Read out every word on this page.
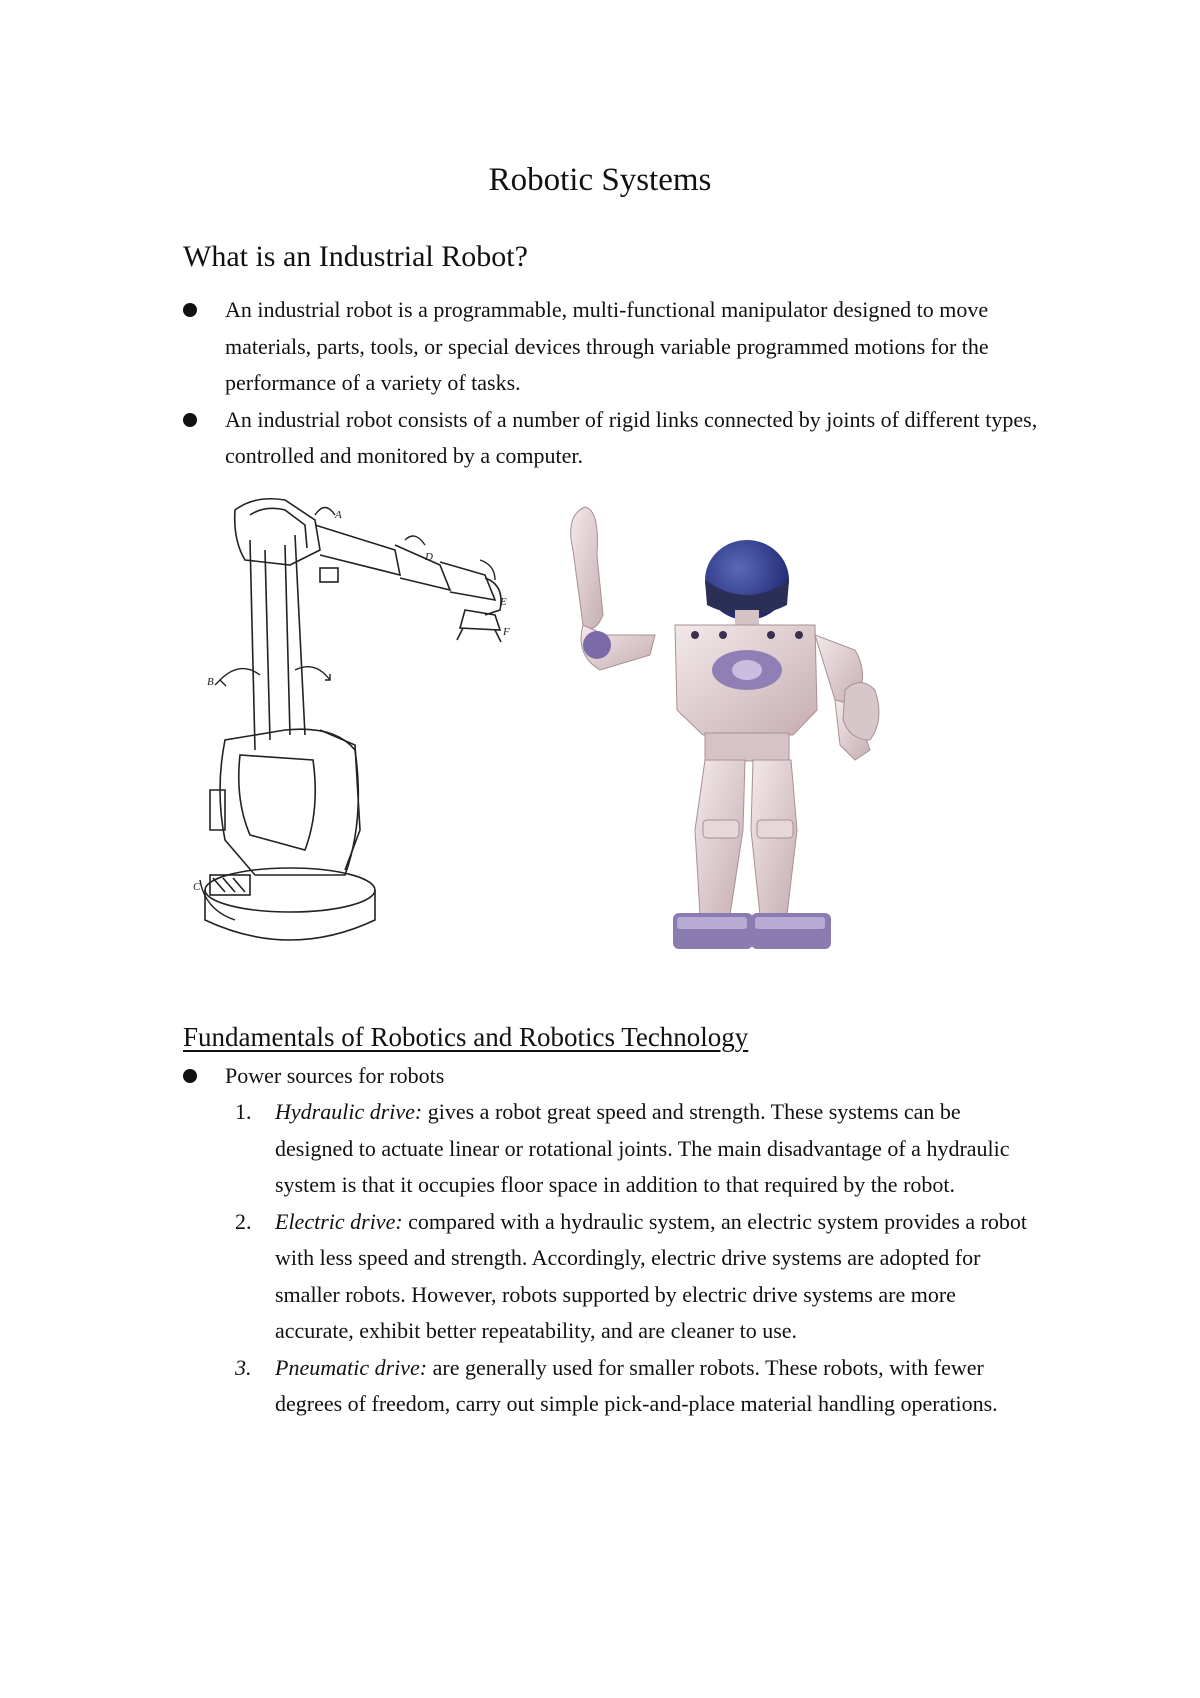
Robotic Systems
What is an Industrial Robot?
An industrial robot is a programmable, multi-functional manipulator designed to move materials, parts, tools, or special devices through variable programmed motions for the performance of a variety of tasks.
An industrial robot consists of a number of rigid links connected by joints of different types, controlled and monitored by a computer.
A
B
C
D
E
F
Fundamentals of Robotics and Robotics Technology
Power sources for robots
1. Hydraulic drive: gives a robot great speed and strength. These systems can be designed to actuate linear or rotational joints. The main disadvantage of a hydraulic system is that it occupies floor space in addition to that required by the robot.
2. Electric drive: compared with a hydraulic system, an electric system provides a robot with less speed and strength. Accordingly, electric drive systems are adopted for smaller robots. However, robots supported by electric drive systems are more accurate, exhibit better repeatability, and are cleaner to use.
3. Pneumatic drive: are generally used for smaller robots. These robots, with fewer degrees of freedom, carry out simple pick-and-place material handling operations.
